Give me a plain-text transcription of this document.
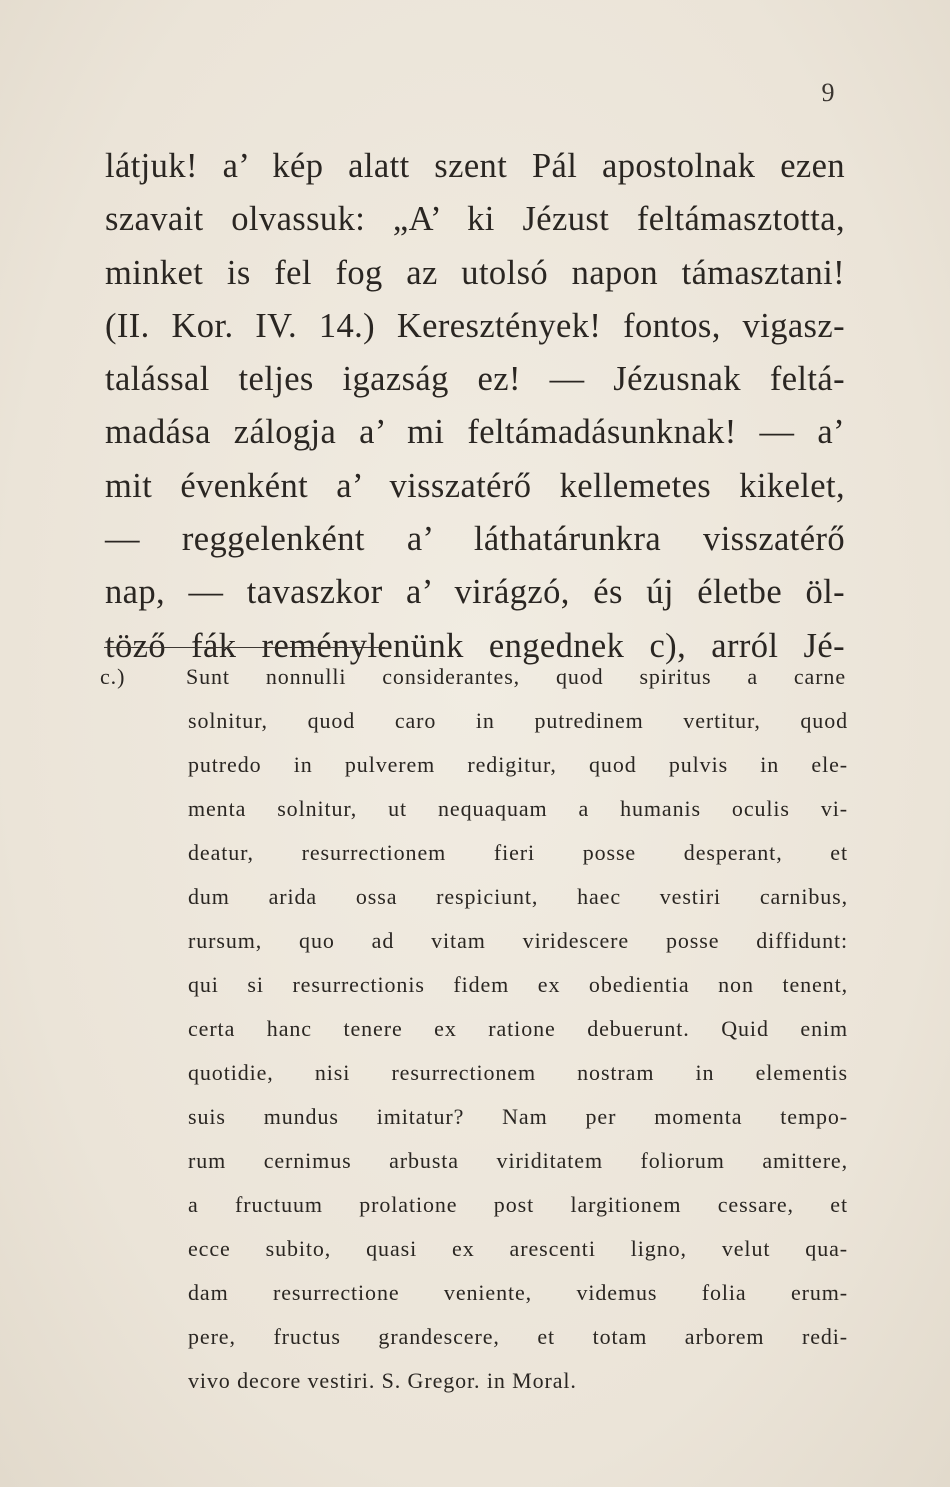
9
látjuk! a’ kép alatt szent Pál apostolnak ezen
szavait olvassuk: „A’ ki Jézust feltámasztotta,
minket is fel fog az utolsó napon támasztani!
(II. Kor. IV. 14.) Keresztények! fontos, vigasz-
talással teljes igazság ez! — Jézusnak feltá-
madása zálogja a’ mi feltámadásunknak! — a’
mit évenként a’ visszatérő kellemetes kikelet,
— reggelenként a’ láthatárunkra visszatérő
nap, — tavaszkor a’ virágzó, és új életbe öl-
töző fák reménylenünk engednek c), arról Jé-
c.)	Sunt nonnulli considerantes, quod spiritus a carne
solnitur, quod caro in putredinem vertitur, quod
putredo in pulverem redigitur, quod pulvis in ele-
menta solnitur, ut nequaquam a humanis oculis vi-
deatur, resurrectionem fieri posse desperant, et
dum arida ossa respiciunt, haec vestiri carnibus,
rursum, quo ad vitam viridescere posse diffidunt:
qui si resurrectionis fidem ex obedientia non tenent,
certa hanc tenere ex ratione debuerunt. Quid enim
quotidie, nisi resurrectionem nostram in elementis
suis mundus imitatur? Nam per momenta tempo-
rum cernimus arbusta viriditatem foliorum amittere,
a fructuum prolatione post largitionem cessare, et
ecce subito, quasi ex arescenti ligno, velut qua-
dam resurrectione veniente, videmus folia erum-
pere, fructus grandescere, et totam arborem redi-
vivo decore vestiri. S. Gregor. in Moral.
